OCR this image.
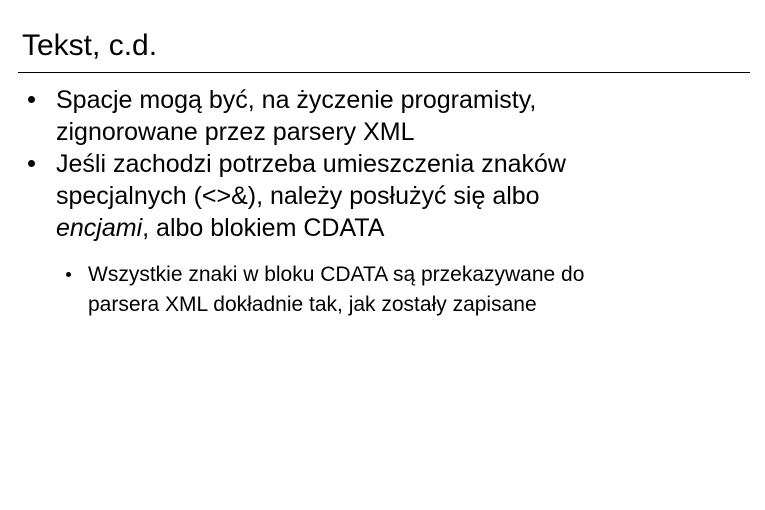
Tekst, c.d.
Spacje mogą być, na życzenie programisty,
zignorowane przez parsery XML
Jeśli zachodzi potrzeba umieszczenia znaków
specjalnych (<>&), należy posłużyć się albo
encjami, albo blokiem CDATA
Wszystkie znaki w bloku CDATA są przekazywane do
parsera XML dokładnie tak, jak zostały zapisane
